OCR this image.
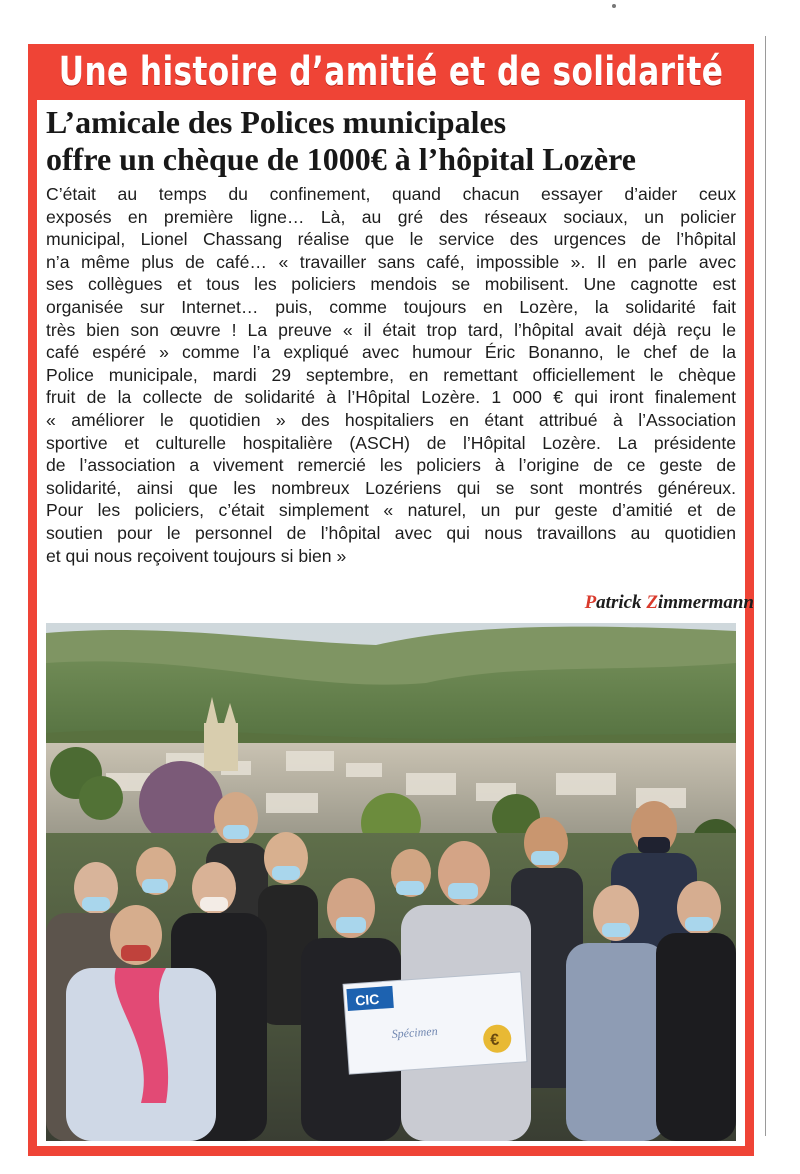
Une histoire d’amitié et de solidarité
L’amicale des Polices municipales
offre un chèque de 1000€ à l’hôpital Lozère
C’était au temps du confinement, quand chacun essayer d’aider ceux
exposés en première ligne… Là, au gré des réseaux sociaux, un policier
municipal, Lionel Chassang réalise que le service des urgences de l’hôpital
n’a même plus de café… « travailler sans café, impossible ». Il en parle avec
ses collègues et tous les policiers mendois se mobilisent. Une cagnotte est
organisée sur Internet… puis, comme toujours en Lozère, la solidarité fait
très bien son œuvre ! La preuve « il était trop tard, l’hôpital avait déjà reçu le
café espéré » comme l’a expliqué avec humour Éric Bonanno, le chef de la
Police municipale, mardi 29 septembre, en remettant officiellement le chèque
fruit de la collecte de solidarité à l’Hôpital Lozère. 1 000 € qui iront finalement
« améliorer le quotidien » des hospitaliers en étant attribué à l’Association
sportive et culturelle hospitalière (ASCH) de l’Hôpital Lozère. La présidente
de l’association a vivement remercié les policiers à l’origine de ce geste de
solidarité, ainsi que les nombreux Lozériens qui se sont montrés généreux.
Pour les policiers, c’était simplement « naturel, un pur geste d’amitié et de
soutien pour le personnel de l’hôpital avec qui nous travaillons au quotidien
et qui nous reçoivent toujours si bien »
Patrick Zimmermann
CIC
Spécimen	€
